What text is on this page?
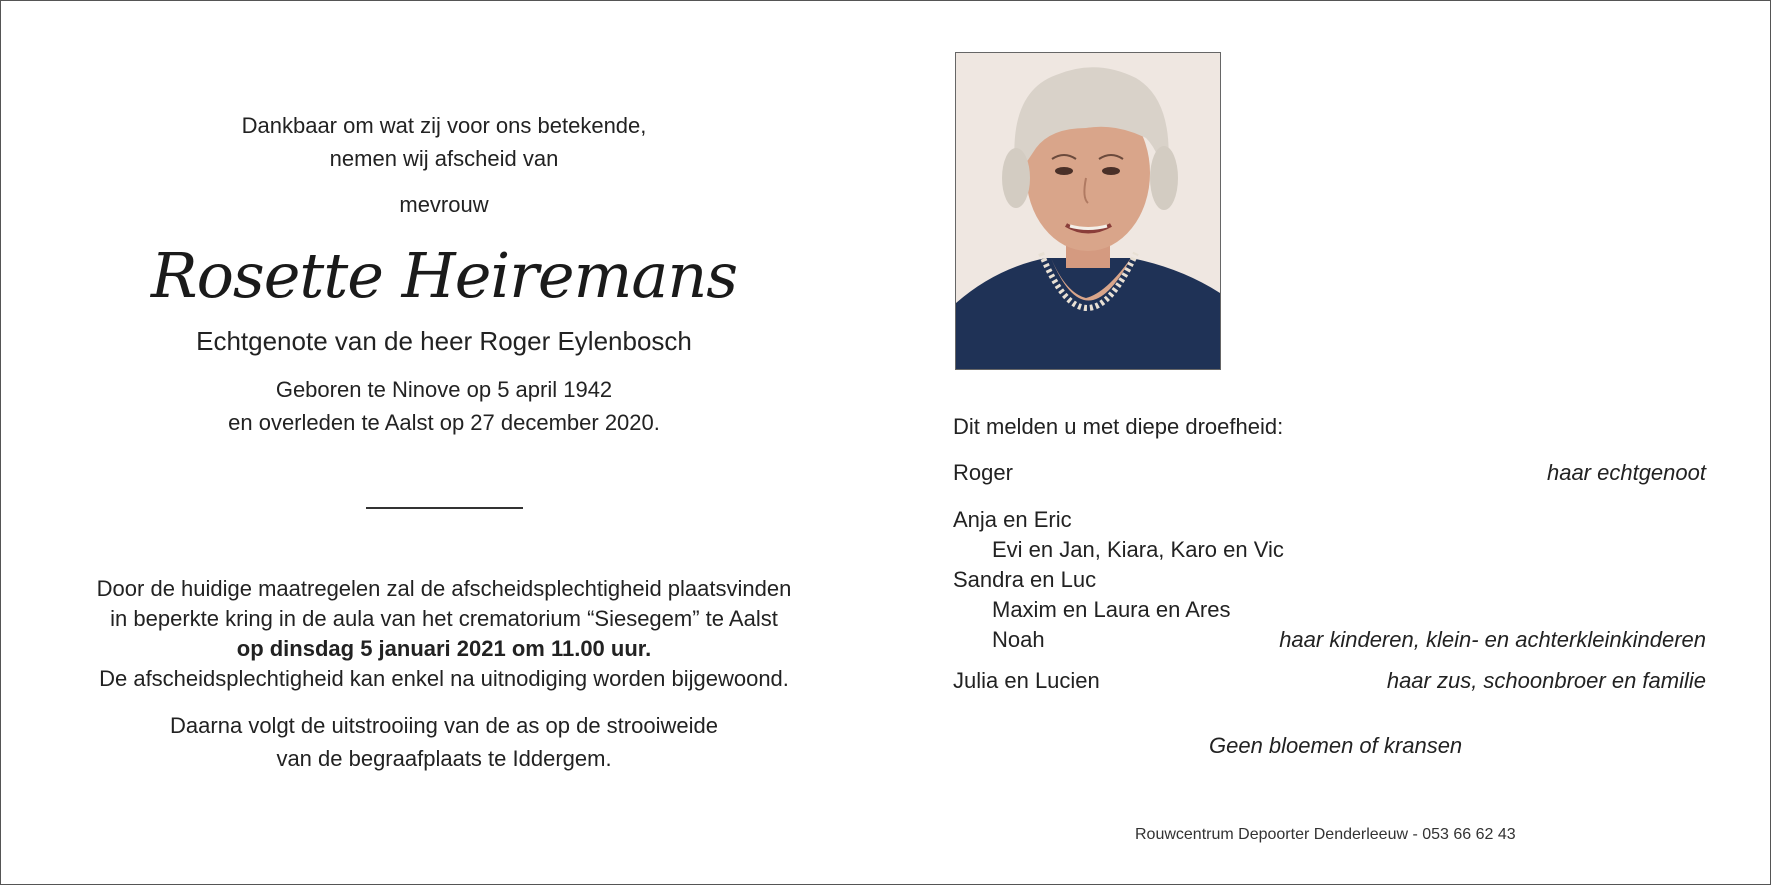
Dankbaar om wat zij voor ons betekende,
nemen wij afscheid van
mevrouw
Rosette Heiremans
Echtgenote van de heer Roger Eylenbosch
Geboren te Ninove op 5 april 1942
en overleden te Aalst op 27 december 2020.
Door de huidige maatregelen zal de afscheidsplechtigheid plaatsvinden
in beperkte kring in de aula van het crematorium “Siesegem” te Aalst
op dinsdag 5 januari 2021 om 11.00 uur.
De afscheidsplechtigheid kan enkel na uitnodiging worden bijgewoond.
Daarna volgt de uitstrooiing van de as op de strooiweide
van de begraafplaats te Iddergem.
Dit melden u met diepe droefheid:
Roger	haar echtgenoot
Anja en Eric
Evi en Jan, Kiara, Karo en Vic
Sandra en Luc
Maxim en Laura en Ares
Noah	haar kinderen, klein- en achterkleinkinderen
Julia en Lucien	haar zus, schoonbroer en familie
Geen bloemen of kransen
Rouwcentrum Depoorter Denderleeuw - 053 66 62 43
